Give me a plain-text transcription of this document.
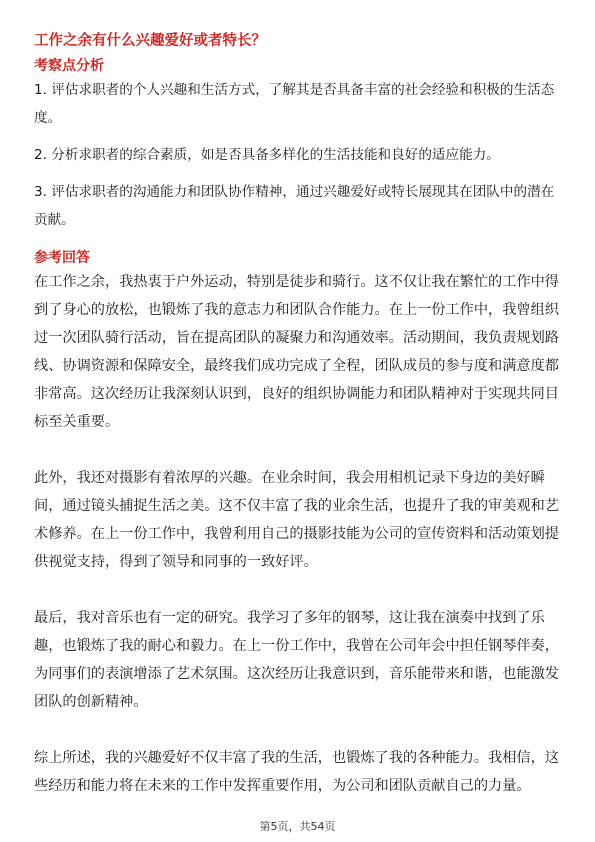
工作之余有什么兴趣爱好或者特长？
考察点分析

1. 评估求职者的个人兴趣和生活方式，了解其是否具备丰富的社会经验和积极的生活态度。

2. 分析求职者的综合素质，如是否具备多样化的生活技能和良好的适应能力。

3. 评估求职者的沟通能力和团队协作精神，通过兴趣爱好或特长展现其在团队中的潜在贡献。

参考回答

在工作之余，我热衷于户外运动，特别是徒步和骑行。这不仅让我在繁忙的工作中得到了身心的放松，也锻炼了我的意志力和团队合作能力。在上一份工作中，我曾组织过一次团队骑行活动，旨在提高团队的凝聚力和沟通效率。活动期间，我负责规划路线、协调资源和保障安全，最终我们成功完成了全程，团队成员的参与度和满意度都非常高。这次经历让我深刻认识到，良好的组织协调能力和团队精神对于实现共同目标至关重要。

此外，我还对摄影有着浓厚的兴趣。在业余时间，我会用相机记录下身边的美好瞬间，通过镜头捕捉生活之美。这不仅丰富了我的业余生活，也提升了我的审美观和艺术修养。在上一份工作中，我曾利用自己的摄影技能为公司的宣传资料和活动策划提供视觉支持，得到了领导和同事的一致好评。

最后，我对音乐也有一定的研究。我学习了多年的钢琴，这让我在演奏中找到了乐趣，也锻炼了我的耐心和毅力。在上一份工作中，我曾在公司年会中担任钢琴伴奏，为同事们的表演增添了艺术氛围。这次经历让我意识到，音乐能带来和谐，也能激发团队的创新精神。

综上所述，我的兴趣爱好不仅丰富了我的生活，也锻炼了我的各种能力。我相信，这些经历和能力将在未来的工作中发挥重要作用，为公司和团队贡献自己的力量。

第5页，共54页
